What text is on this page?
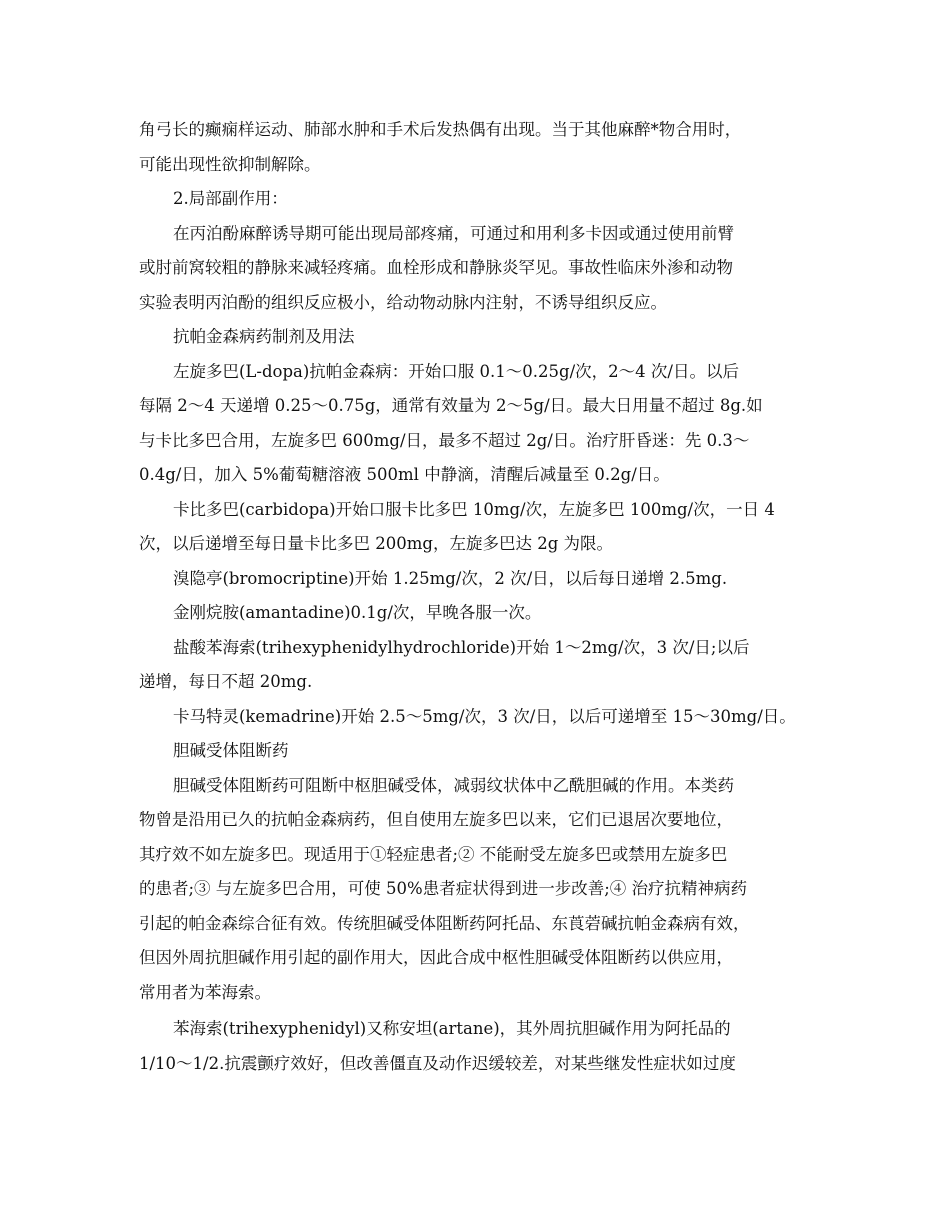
角弓长的癫痫样运动、肺部水肿和手术后发热偶有出现。当于其他麻醉*物合用时，
可能出现性欲抑制解除。
2.局部副作用：
在丙泊酚麻醉诱导期可能出现局部疼痛，可通过和用利多卡因或通过使用前臂
或肘前窝较粗的静脉来减轻疼痛。血栓形成和静脉炎罕见。事故性临床外渗和动物
实验表明丙泊酚的组织反应极小，给动物动脉内注射，不诱导组织反应。
抗帕金森病药制剂及用法
左旋多巴(L-dopa)抗帕金森病：开始口服 0.1～0.25g/次，2～4 次/日。以后
每隔 2～4 天递增 0.25～0.75g，通常有效量为 2～5g/日。最大日用量不超过 8g.如
与卡比多巴合用，左旋多巴 600mg/日，最多不超过 2g/日。治疗肝昏迷：先 0.3～
0.4g/日，加入 5%葡萄糖溶液 500ml 中静滴，清醒后减量至 0.2g/日。
卡比多巴(carbidopa)开始口服卡比多巴 10mg/次，左旋多巴 100mg/次，一日 4
次，以后递增至每日量卡比多巴 200mg，左旋多巴达 2g 为限。
溴隐亭(bromocriptine)开始 1.25mg/次，2 次/日，以后每日递增 2.5mg.
金刚烷胺(amantadine)0.1g/次，早晚各服一次。
盐酸苯海索(trihexyphenidylhydrochloride)开始 1～2mg/次，3 次/日;以后
递增，每日不超 20mg.
卡马特灵(kemadrine)开始 2.5～5mg/次，3 次/日，以后可递增至 15～30mg/日。
胆碱受体阻断药
胆碱受体阻断药可阻断中枢胆碱受体，减弱纹状体中乙酰胆碱的作用。本类药
物曾是沿用已久的抗帕金森病药，但自使用左旋多巴以来，它们已退居次要地位，
其疗效不如左旋多巴。现适用于①轻症患者;② 不能耐受左旋多巴或禁用左旋多巴
的患者;③ 与左旋多巴合用，可使 50%患者症状得到进一步改善;④ 治疗抗精神病药
引起的帕金森综合征有效。传统胆碱受体阻断药阿托品、东莨菪碱抗帕金森病有效，
但因外周抗胆碱作用引起的副作用大，因此合成中枢性胆碱受体阻断药以供应用，
常用者为苯海索。
苯海索(trihexyphenidyl)又称安坦(artane)，其外周抗胆碱作用为阿托品的
1/10～1/2.抗震颤疗效好，但改善僵直及动作迟缓较差，对某些继发性症状如过度
